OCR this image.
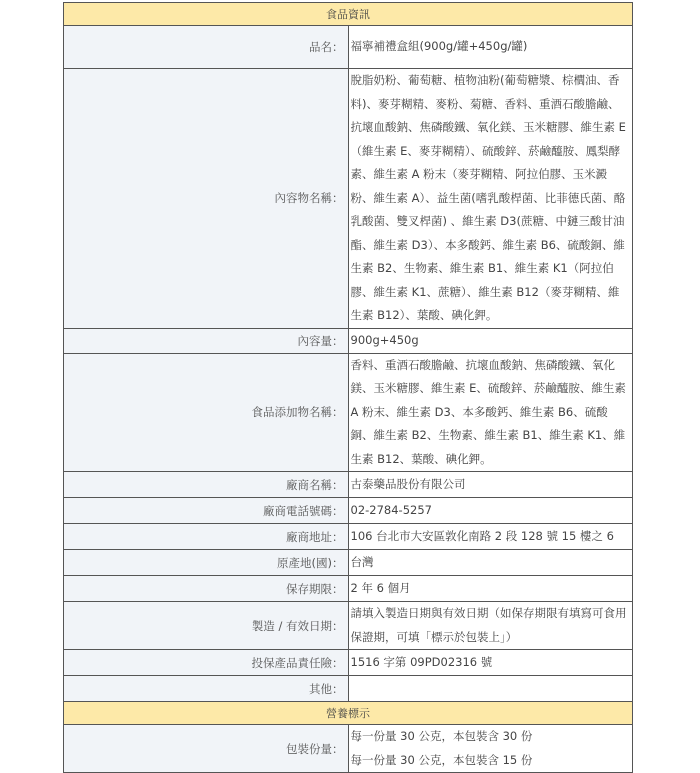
食品資訊	
品名：	福寧補禮盒組(900g/罐+450g/罐)
內容物名稱：	脫脂奶粉、葡萄糖、植物油粉(葡萄糖漿、棕櫚油、香料)、麥芽糊精、麥粉、菊糖、香料、重酒石酸膽鹼、抗壞血酸鈉、焦磷酸鐵、氧化鎂、玉米糖膠、維生素 E（維生素 E、麥芽糊精）、硫酸鋅、菸鹼醯胺、鳳梨酵素、維生素 A 粉末（麥芽糊精、阿拉伯膠、玉米澱粉、維生素 A）、益生菌(嗜乳酸桿菌、比菲德氏菌、酪乳酸菌、雙叉桿菌) 、維生素 D3(蔗糖、中鏈三酸甘油酯、維生素 D3）、本多酸鈣、維生素 B6、硫酸銅、維生素 B2、生物素、維生素 B1、維生素 K1（阿拉伯膠、維生素 K1、蔗糖）、維生素 B12（麥芽糊精、維生素 B12）、葉酸、碘化鉀。
內容量：	900g+450g
食品添加物名稱：	香料、重酒石酸膽鹼、抗壞血酸鈉、焦磷酸鐵、氧化鎂、玉米糖膠、維生素 E、硫酸鋅、菸鹼醯胺、維生素 A 粉末、維生素 D3、本多酸鈣、維生素 B6、硫酸銅、維生素 B2、生物素、維生素 B1、維生素 K1、維生素 B12、葉酸、碘化鉀。
廠商名稱：	古泰藥品股份有限公司
廠商電話號碼：	02-2784-5257
廠商地址：	106 台北市大安區敦化南路 2 段 128 號 15 樓之 6
原產地(國)：	台灣
保存期限：	2 年 6 個月
製造 / 有效日期：	請填入製造日期與有效日期（如保存期限有填寫可食用保證期，可填「標示於包裝上」）
投保產品責任險：	1516 字第 09PD02316 號
其他：	
營養標示	
包裝份量：	每一份量 30 公克，本包裝含 30 份
每一份量 30 公克，本包裝含 15 份
